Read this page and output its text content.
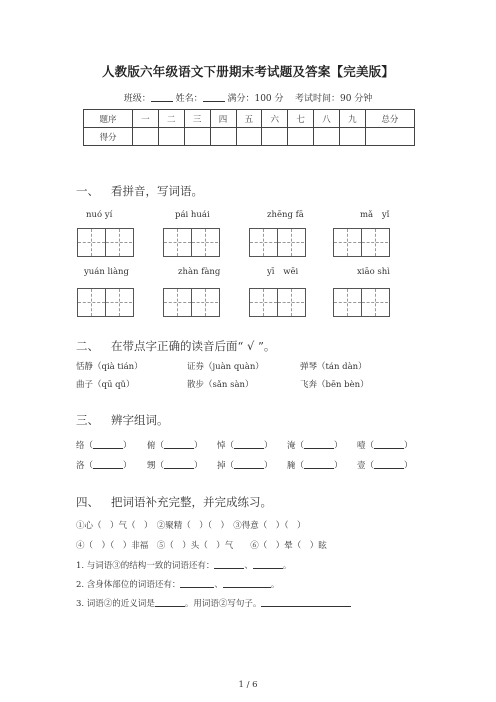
人教版六年级语文下册期末考试题及答案【完美版】
班级：	姓名：	满分：100 分 考试时间：90 分钟
题序	一	二	三	四	五	六	七	八	九	总分
得分										
一、 看拼音，写词语。
nuó yí	pái huái	zhēng fā	mǎ yǐ
yuán liàng	zhàn fàng	yī wēi	xiāo shì
二、 在带点字正确的读音后面“ √ ”。
恬静（qià tián）	证券（juàn quàn）	弹琴（tán dàn）
曲子（qū qǔ）	散步（sǎn sàn）	飞奔（bēn bèn）
三、 辨字组词。
络（	） 俯（	） 悼（	） 淹（	） 噎（	）
洛（	） 甥（	） 掉（	） 腌（	） 壹（	）
四、 把词语补充完整，并完成练习。
①心（　）气（　）　②聚精（　）（　）　③得意（　）（　）
④（　）（　）非福　⑤（　）头（　）气　　⑥（　）晕（　）眩
1. 与词语③的结构一致的词语还有：	、	。
2. 含身体部位的词语还有：	、	。
3. 词语②的近义词是	。用词语②写句子。
1 / 6
